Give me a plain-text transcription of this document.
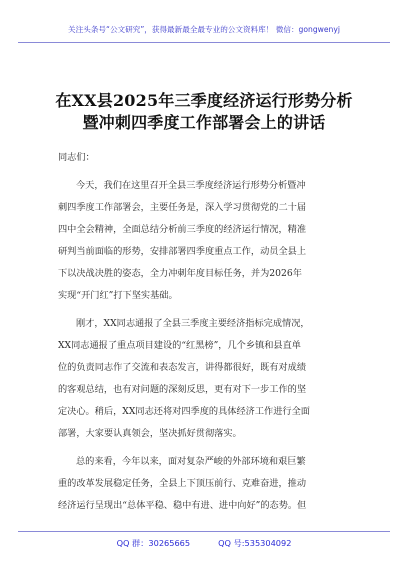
关注头条号“公文研究”，获得最新最全最专业的公文资料库！ 微信：gongwenyj
在XX县2025年三季度经济运行形势分析
暨冲刺四季度工作部署会上的讲话
同志们：
今天，我们在这里召开全县三季度经济运行形势分析暨冲
刺四季度工作部署会，主要任务是，深入学习贯彻党的二十届
四中全会精神，全面总结分析前三季度的经济运行情况，精准
研判当前面临的形势，安排部署四季度重点工作，动员全县上
下以决战决胜的姿态，全力冲刺年度目标任务，并为2026年
实现“开门红”打下坚实基础。
刚才，XX同志通报了全县三季度主要经济指标完成情况，
XX同志通报了重点项目建设的“红黑榜”，几个乡镇和县直单
位的负责同志作了交流和表态发言，讲得都很好，既有对成绩
的客观总结，也有对问题的深刻反思，更有对下一步工作的坚
定决心。稍后，XX同志还将对四季度的具体经济工作进行全面
部署，大家要认真领会，坚决抓好贯彻落实。
总的来看，今年以来，面对复杂严峻的外部环境和艰巨繁
重的改革发展稳定任务，全县上下顶压前行、克难奋进，推动
经济运行呈现出“总体平稳、稳中有进、进中向好”的态势。但
QQ 群：30265665	QQ 号:535304092
